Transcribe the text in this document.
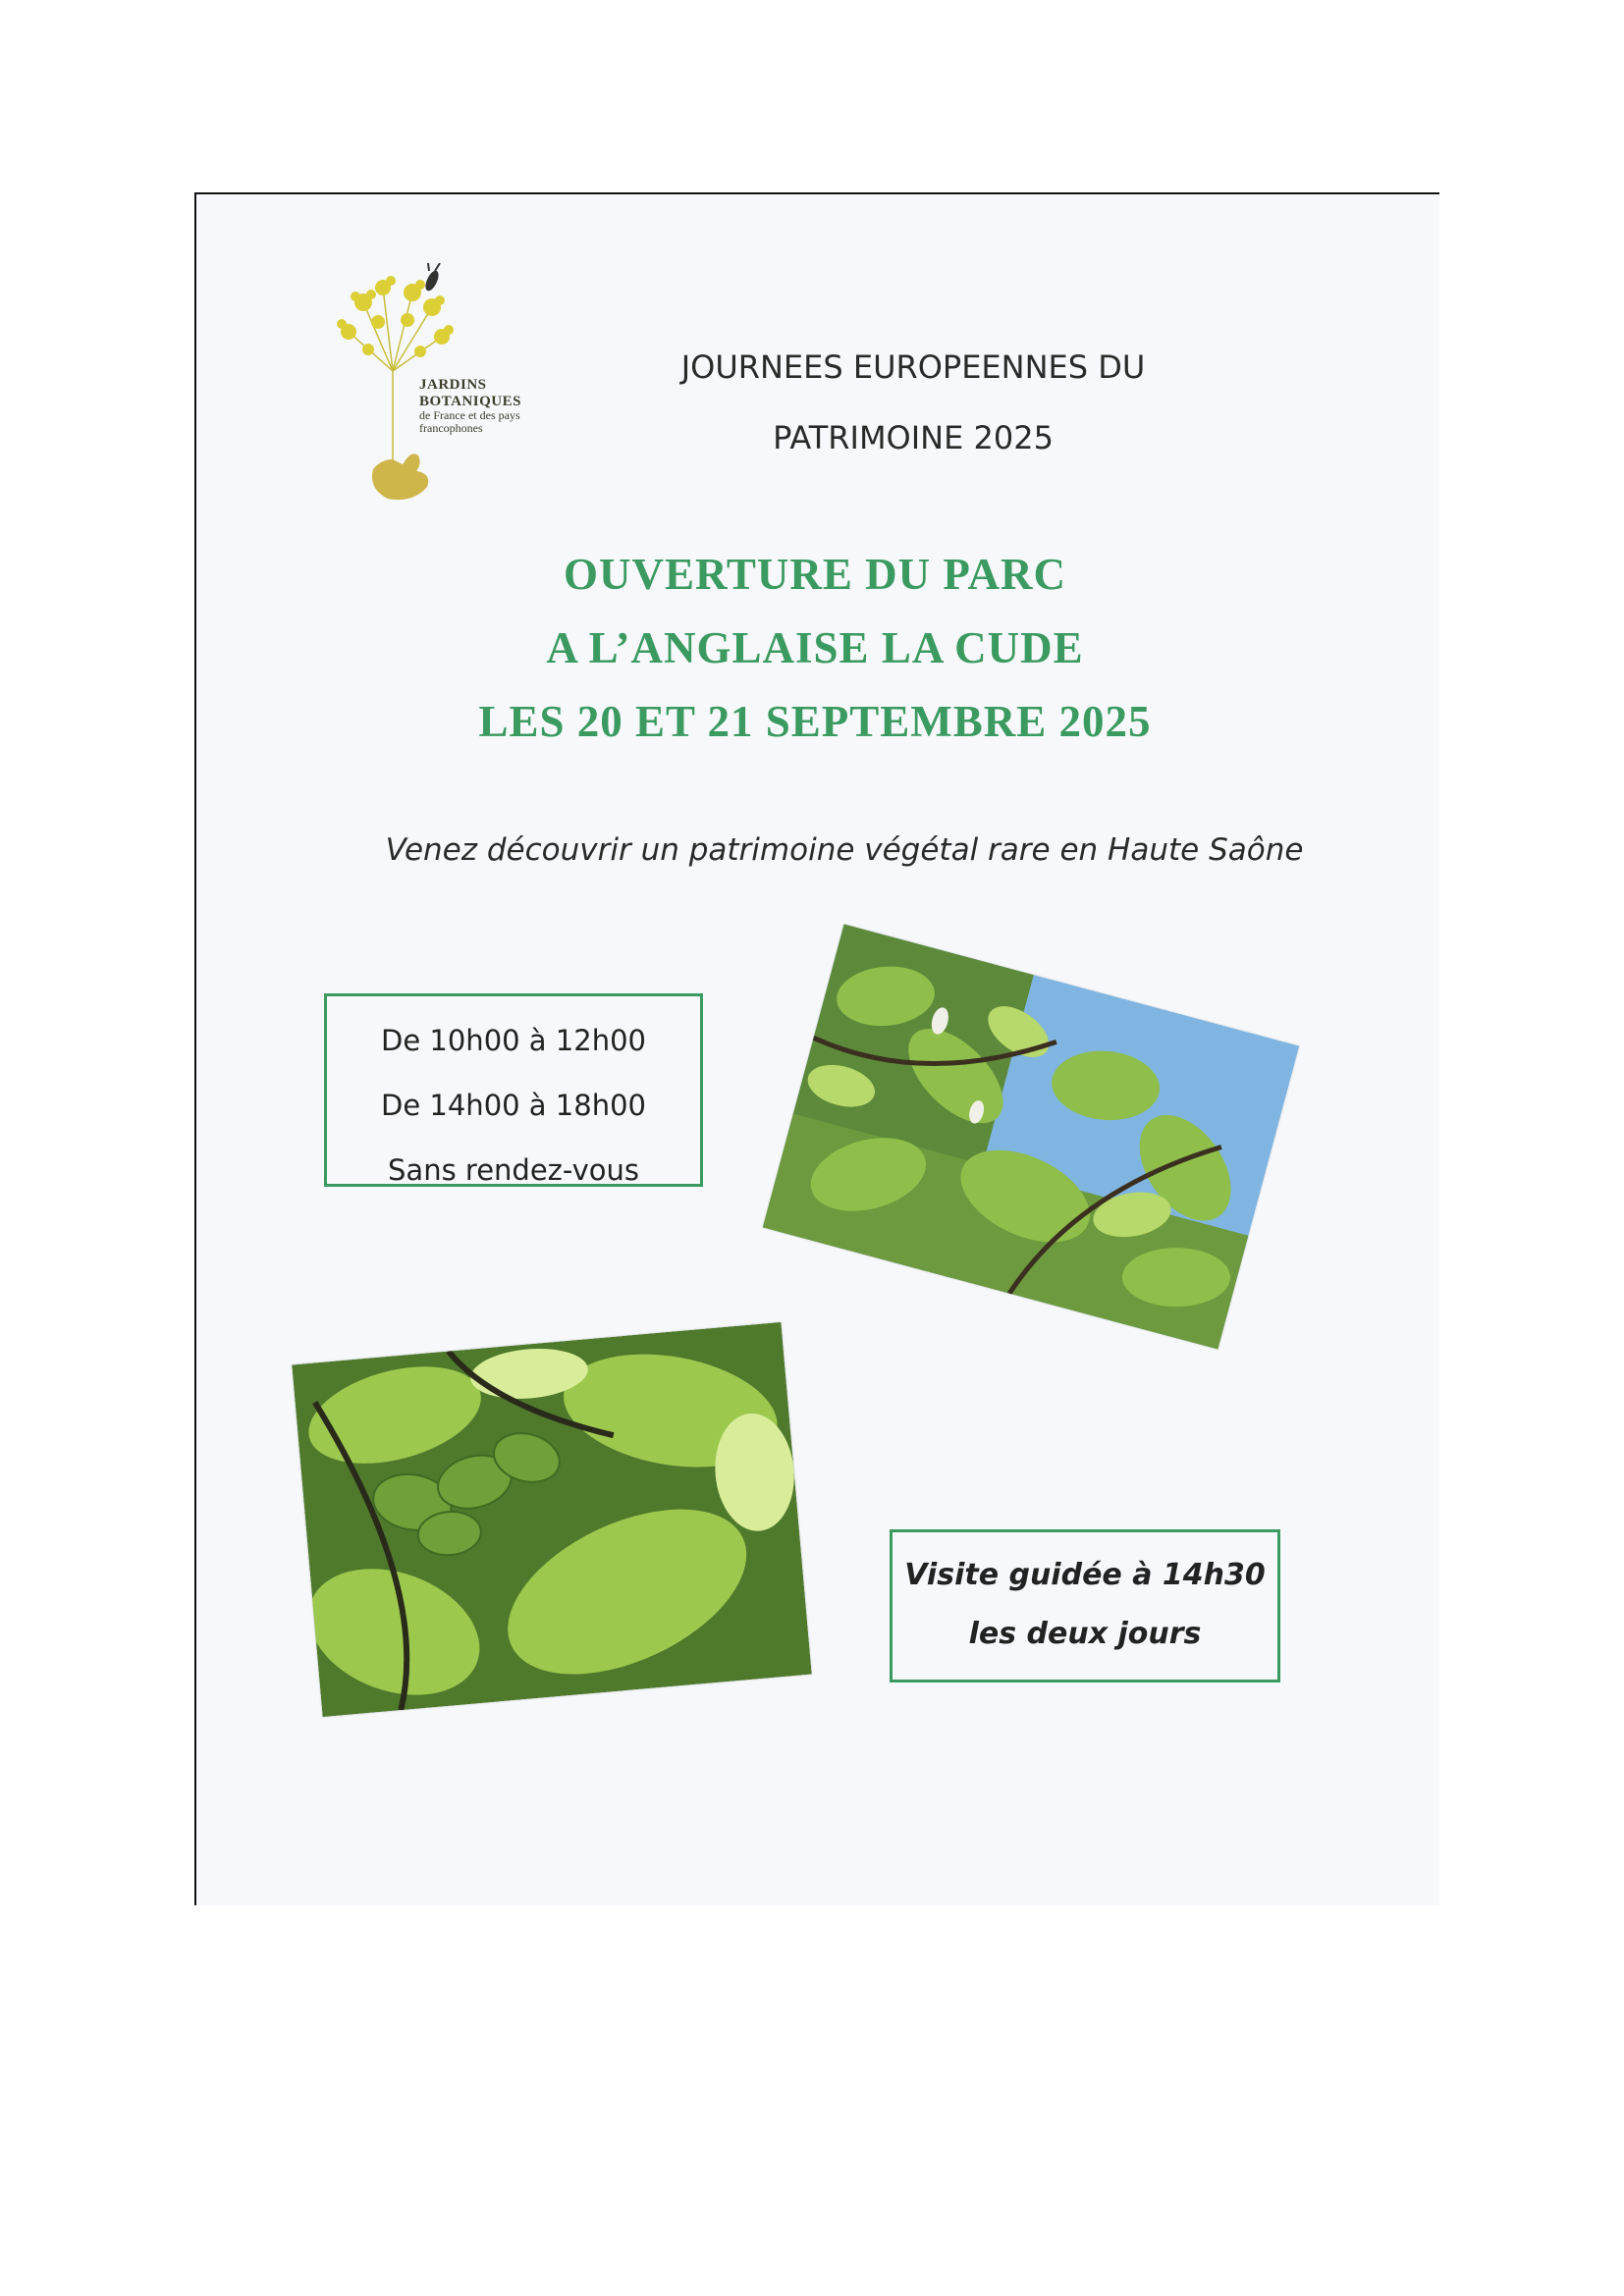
JARDINS
BOTANIQUES
de France et des pays
francophones
JOURNEES EUROPEENNES DU
PATRIMOINE 2025
OUVERTURE DU PARC
A L’ANGLAISE LA CUDE
LES 20 ET 21 SEPTEMBRE 2025
Venez découvrir un patrimoine végétal rare en Haute Saône
De 10h00 à 12h00
De 14h00 à 18h00
Sans rendez-vous
Visite guidée à 14h30
les deux jours
